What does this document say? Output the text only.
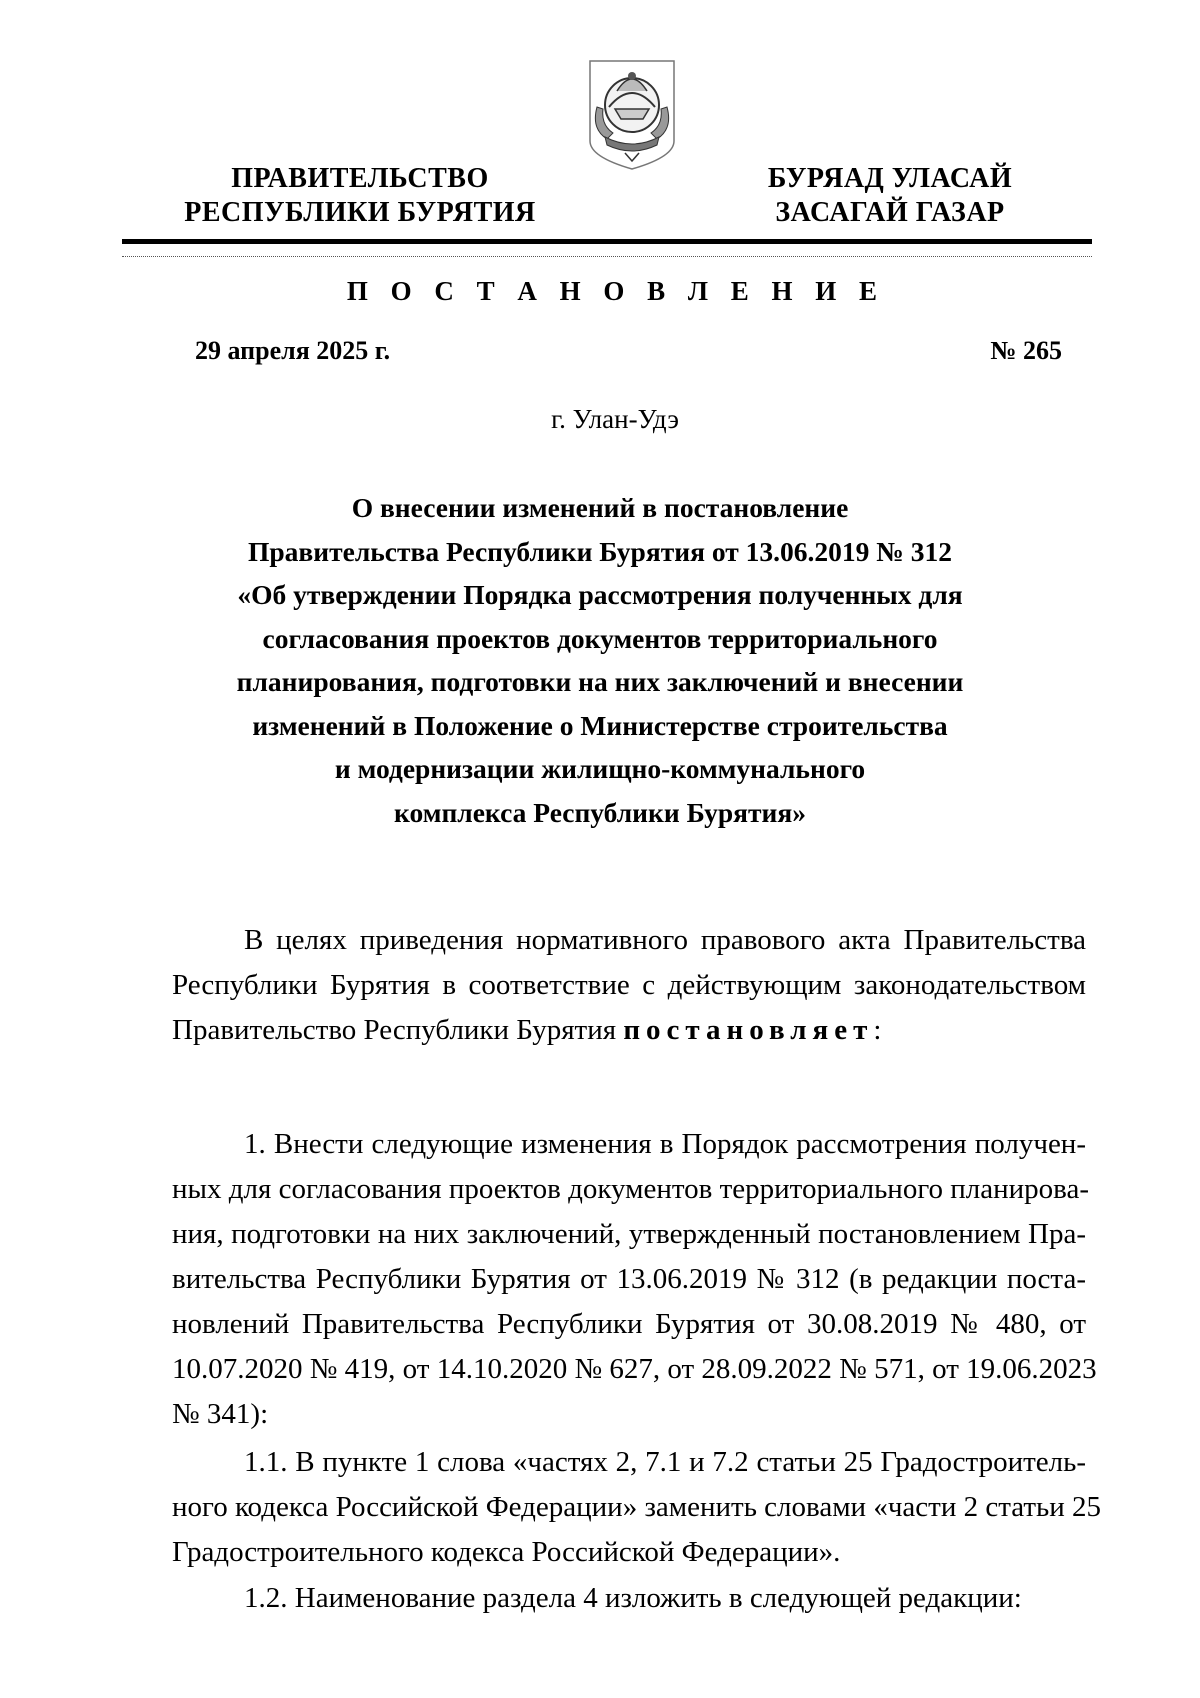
ПРАВИТЕЛЬСТВО
РЕСПУБЛИКИ БУРЯТИЯ
БУРЯАД УЛАСАЙ
ЗАСАГАЙ ГАЗАР
П О С Т А Н О В Л Е Н И Е
29 апреля 2025 г.	№ 265
г. Улан-Удэ
О внесении изменений в постановление
Правительства Республики Бурятия от 13.06.2019 № 312
«Об утверждении Порядка рассмотрения полученных для
согласования проектов документов территориального
планирования, подготовки на них заключений и внесении
изменений в Положение о Министерстве строительства
и модернизации жилищно-коммунального
комплекса Республики Бурятия»
В целях приведения нормативного правового акта Правительства
Республики Бурятия в соответствие с действующим законодательством
Правительство Республики Бурятия постановляет:
1. Внести следующие изменения в Порядок рассмотрения получен-
ных для согласования проектов документов территориального планирова-
ния, подготовки на них заключений, утвержденный постановлением Пра-
вительства Республики Бурятия от 13.06.2019 № 312 (в редакции поста-
новлений Правительства Республики Бурятия от 30.08.2019 № 480, от
10.07.2020 № 419, от 14.10.2020 № 627, от 28.09.2022 № 571, от 19.06.2023
№ 341):
1.1. В пункте 1 слова «частях 2, 7.1 и 7.2 статьи 25 Градостроитель-
ного кодекса Российской Федерации» заменить словами «части 2 статьи 25
Градостроительного кодекса Российской Федерации».
1.2. Наименование раздела 4 изложить в следующей редакции:
